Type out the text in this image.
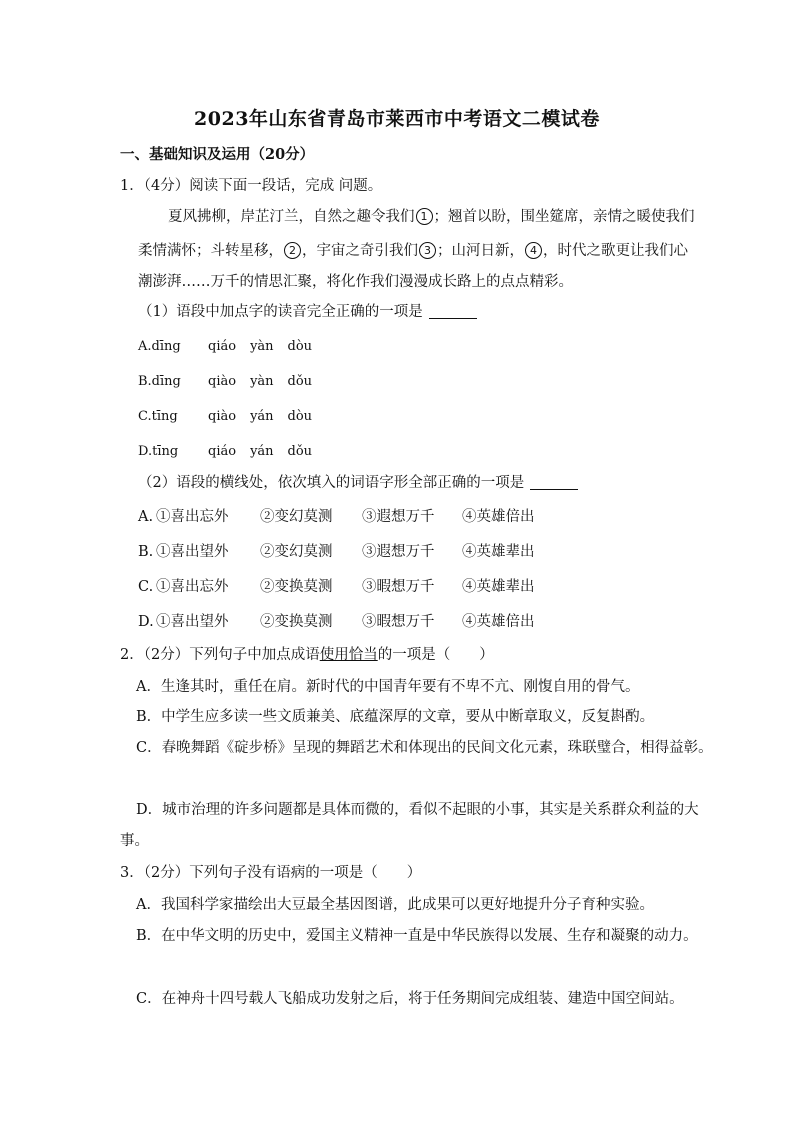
2023年山东省青岛市莱西市中考语文二模试卷
一、基础知识及运用（20分）
1．（4分）阅读下面一段话，完成 问题。
夏风拂柳，岸芷汀兰，自然之趣令我们 1 ；翘首以盼，围坐筵席，亲情之暖使我们
柔情满怀；斗转星移， 2 ，宇宙之奇引我们 3 ；山河日新， 4 ，时代之歌更让我们心
潮澎湃……万千的情思汇聚，将化作我们漫漫成长路上的点点精彩。
（1）语段中加点字的读音完全正确的一项是
A.dīng qiáo yàn dòu
B.dīng qiào yàn dǒu
C.tīng qiào yán dòu
D.tīng qiáo yán dǒu
（2）语段的横线处，依次填入的词语字形全部正确的一项是
A. ①喜出忘外 ②变幻莫测 ③遐想万千 ④英雄倍出
B. ①喜出望外 ②变幻莫测 ③遐想万千 ④英雄辈出
C. ①喜出忘外 ②变换莫测 ③暇想万千 ④英雄辈出
D. ①喜出望外 ②变换莫测 ③暇想万千 ④英雄倍出
2．（2分）下列句子中加点成语使用恰当的一项是（　　）
A．生逢其时，重任在肩。新时代的中国青年要有不卑不亢、刚愎自用的骨气。
B．中学生应多读一些文质兼美、底蕴深厚的文章，要从中断章取义，反复斟酌。
C．春晚舞蹈《碇步桥》呈现的舞蹈艺术和体现出的民间文化元素，珠联璧合，相得益彰。
D．城市治理的许多问题都是具体而微的，看似不起眼的小事，其实是关系群众利益的大
事。
3．（2分）下列句子没有语病的一项是（　　）
A．我国科学家描绘出大豆最全基因图谱，此成果可以更好地提升分子育种实验。
B．在中华文明的历史中，爱国主义精神一直是中华民族得以发展、生存和凝聚的动力。
C．在神舟十四号载人飞船成功发射之后，将于任务期间完成组装、建造中国空间站。
